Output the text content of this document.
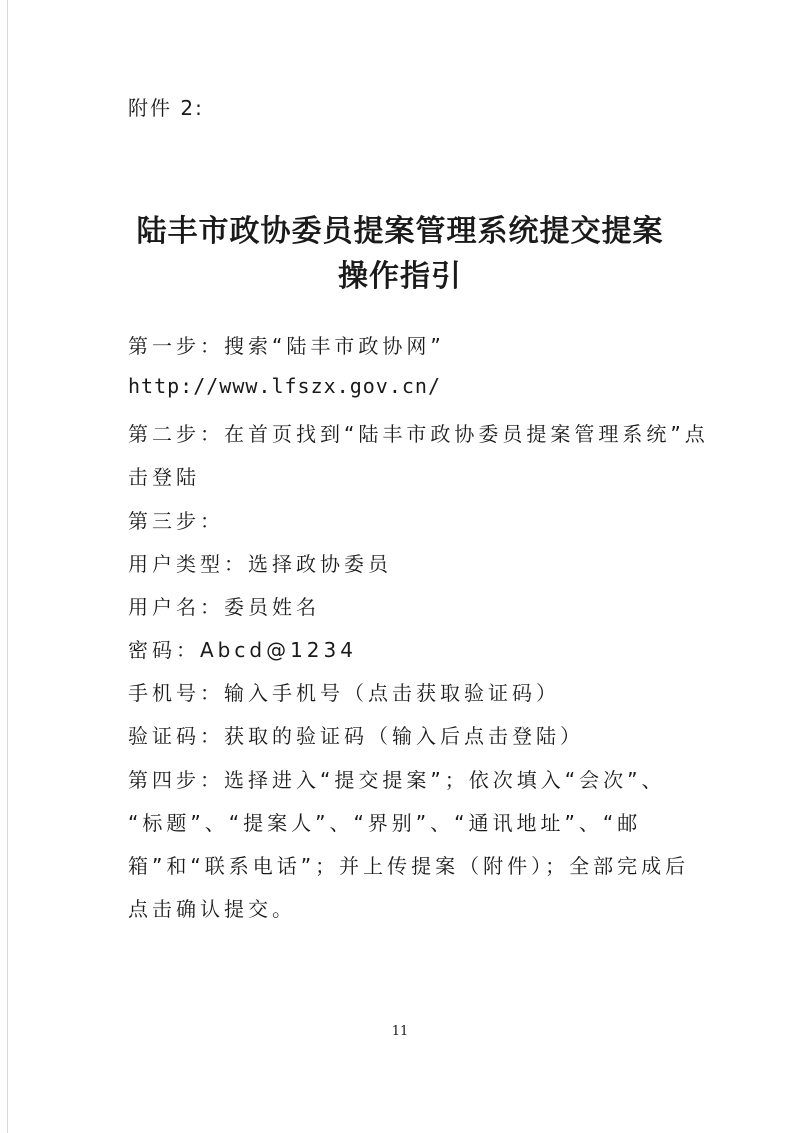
附件 2:
陆丰市政协委员提案管理系统提交提案
操作指引
第一步：搜索“陆丰市政协网”
http://www.lfszx.gov.cn/
第二步：在首页找到“陆丰市政协委员提案管理系统”点
击登陆
第三步：
用户类型：选择政协委员
用户名：委员姓名
密码：Abcd@1234
手机号：输入手机号（点击获取验证码）
验证码：获取的验证码（输入后点击登陆）
第四步：选择进入“提交提案”；依次填入“会次”、
“标题”、“提案人”、“界别”、“通讯地址”、“邮
箱”和“联系电话”；并上传提案（附件）；全部完成后
点击确认提交。
11
